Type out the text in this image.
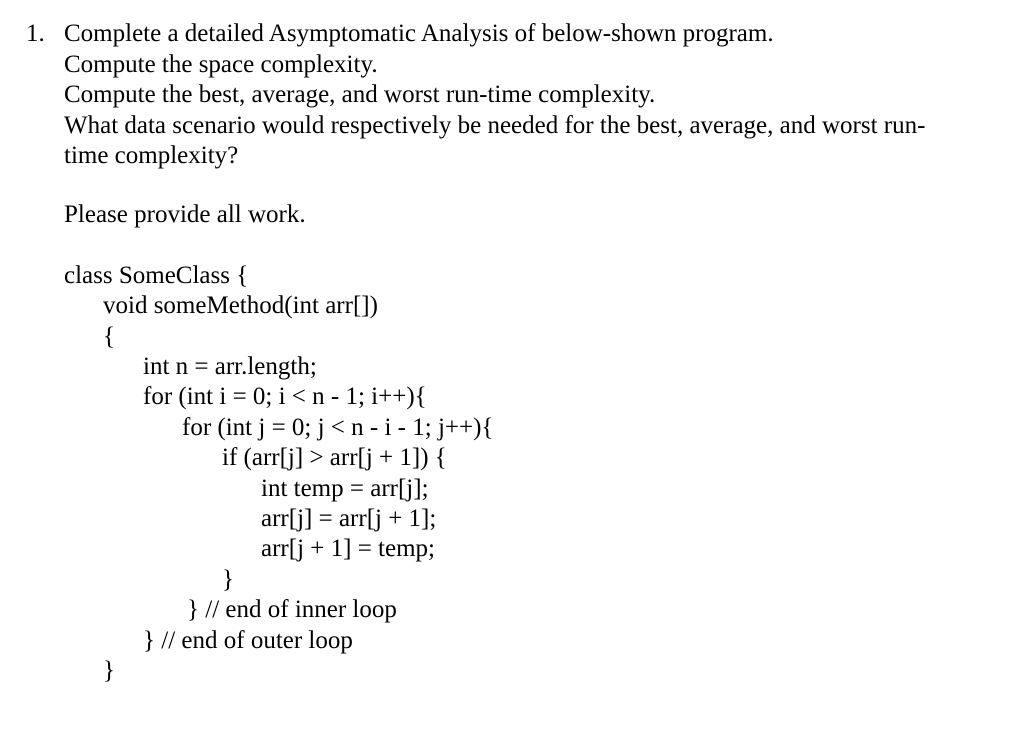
1. Complete a detailed Asymptomatic Analysis of below-shown program.
Compute the space complexity.
Compute the best, average, and worst run-time complexity.
What data scenario would respectively be needed for the best, average, and worst run-
time complexity?
Please provide all work.
class SomeClass {
void someMethod(int arr[])
{
int n = arr.length;
for (int i = 0; i < n - 1; i++){
for (int j = 0; j < n - i - 1; j++){
if (arr[j] > arr[j + 1]) {
int temp = arr[j];
arr[j] = arr[j + 1];
arr[j + 1] = temp;
}
} // end of inner loop
} // end of outer loop
}
